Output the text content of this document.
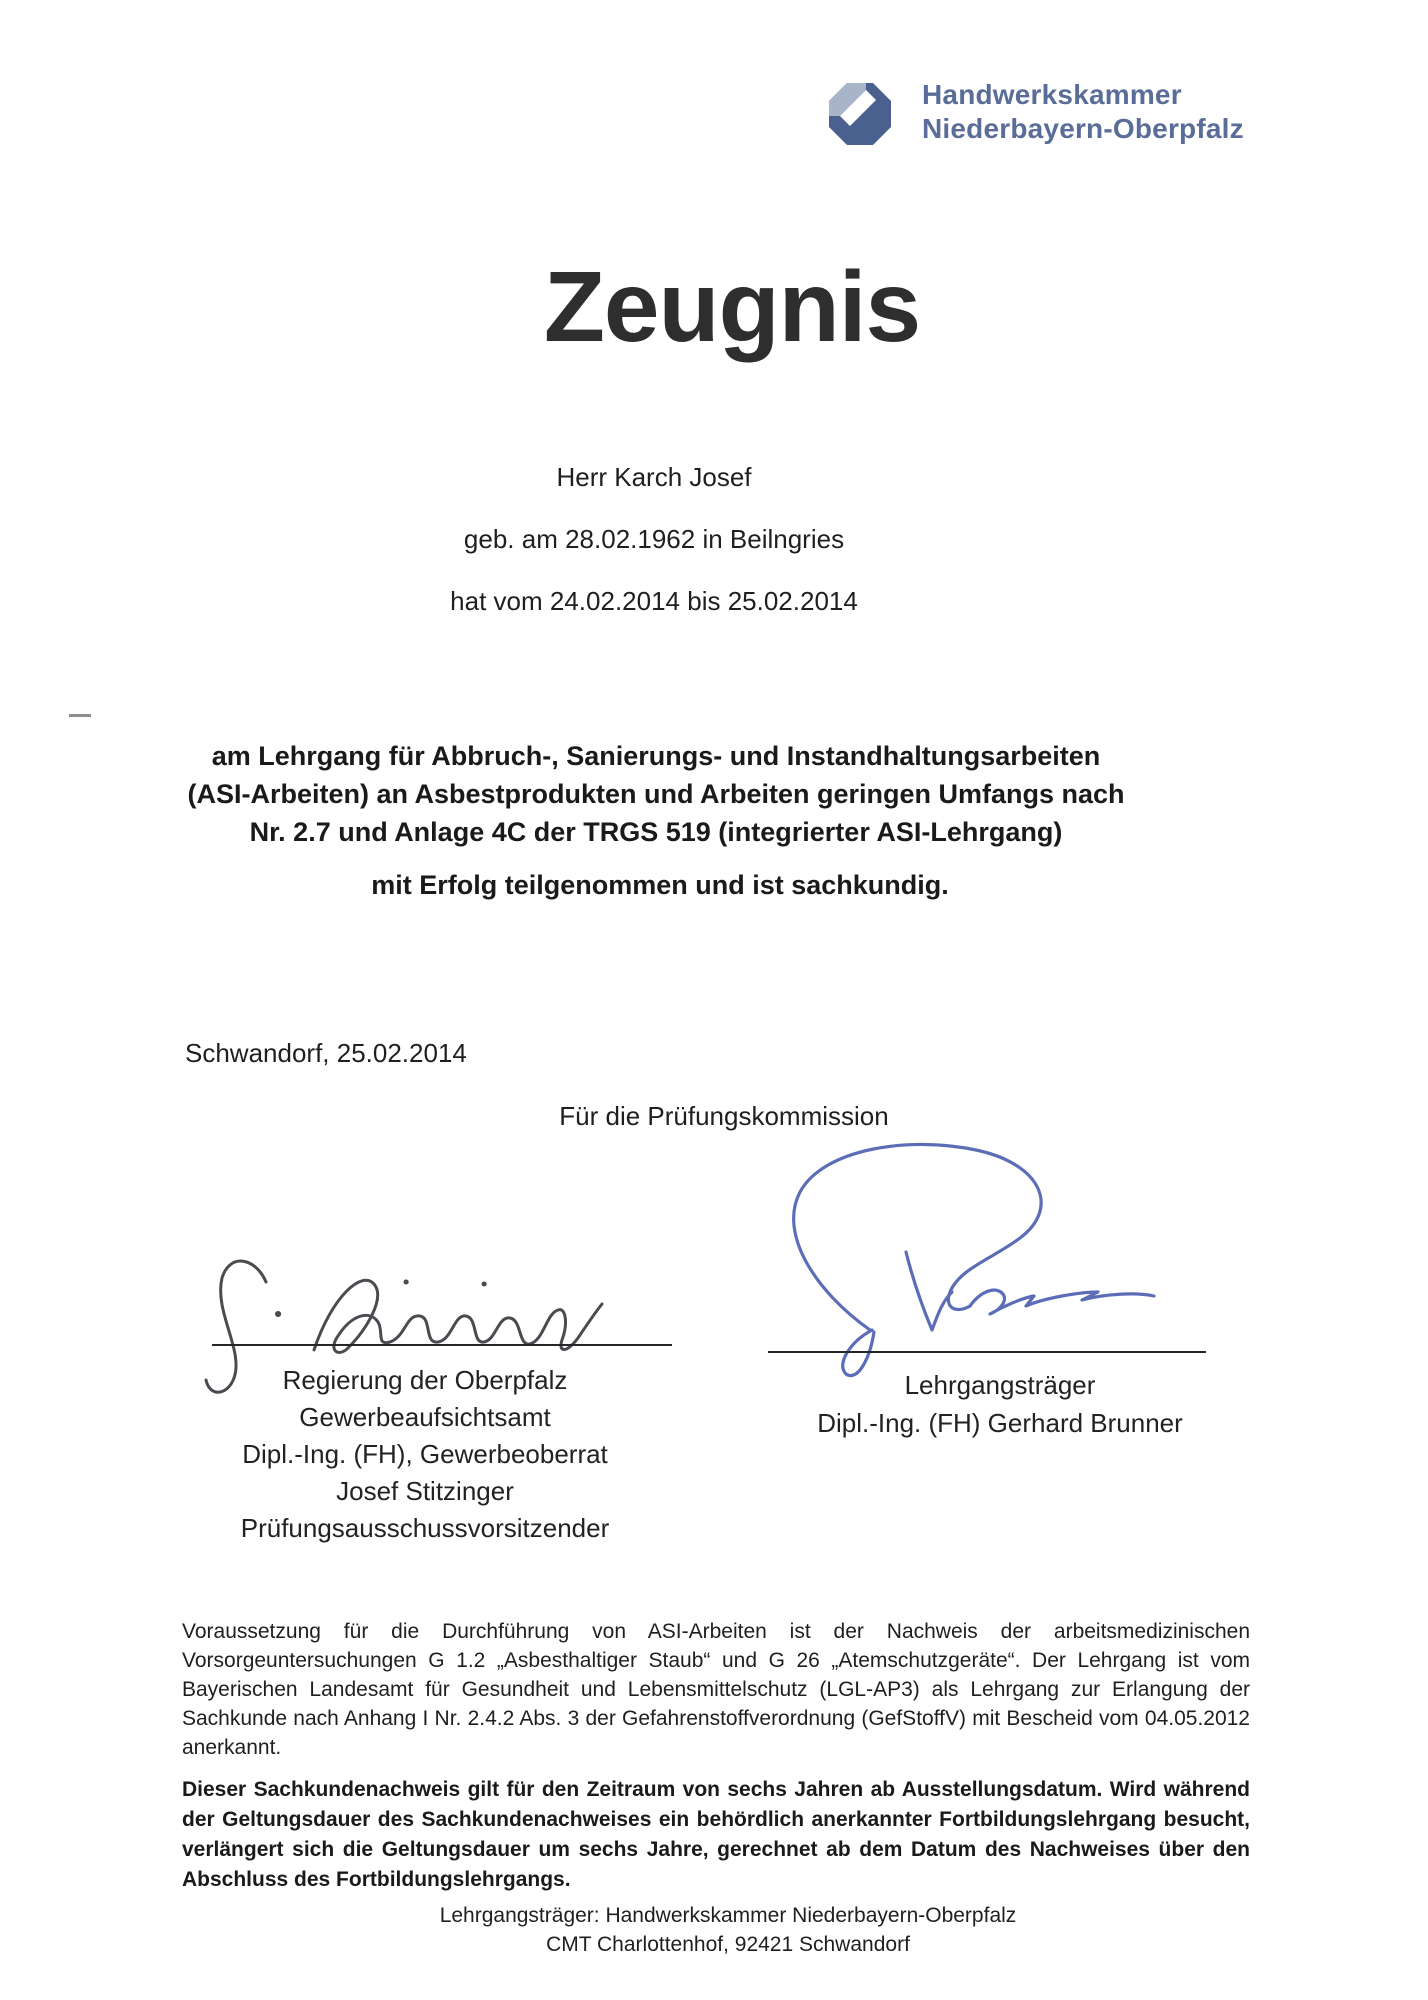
Handwerkskammer
Niederbayern-Oberpfalz
Zeugnis
Herr Karch Josef
geb. am 28.02.1962 in Beilngries
hat vom 24.02.2014 bis 25.02.2014
am Lehrgang für Abbruch-, Sanierungs- und Instandhaltungsarbeiten
(ASI-Arbeiten) an Asbestprodukten und Arbeiten geringen Umfangs nach
Nr. 2.7 und Anlage 4C der TRGS 519 (integrierter ASI-Lehrgang)
mit Erfolg teilgenommen und ist sachkundig.
Schwandorf, 25.02.2014
Für die Prüfungskommission
Regierung der Oberpfalz
Gewerbeaufsichtsamt
Dipl.-Ing. (FH), Gewerbeoberrat
Josef Stitzinger
Prüfungsausschussvorsitzender
Lehrgangsträger
Dipl.-Ing. (FH) Gerhard Brunner

Voraussetzung für die Durchführung von ASI-Arbeiten ist der Nachweis der arbeitsmedizinischen Vorsorgeuntersuchungen G 1.2 „Asbesthaltiger Staub“ und G 26 „Atemschutzgeräte“. Der Lehrgang ist vom Bayerischen Landesamt für Gesundheit und Lebensmittelschutz (LGL-AP3) als Lehrgang zur Erlangung der Sachkunde nach Anhang I Nr. 2.4.2 Abs. 3 der Gefahrenstoffverordnung (GefStoffV) mit Bescheid vom 04.05.2012 anerkannt.

Dieser Sachkundenachweis gilt für den Zeitraum von sechs Jahren ab Ausstellungsdatum. Wird während der Geltungsdauer des Sachkundenachweises ein behördlich anerkannter Fortbildungslehrgang besucht, verlängert sich die Geltungsdauer um sechs Jahre, gerechnet ab dem Datum des Nachweises über den Abschluss des Fortbildungslehrgangs.

Lehrgangsträger: Handwerkskammer Niederbayern-Oberpfalz
CMT Charlottenhof, 92421 Schwandorf
